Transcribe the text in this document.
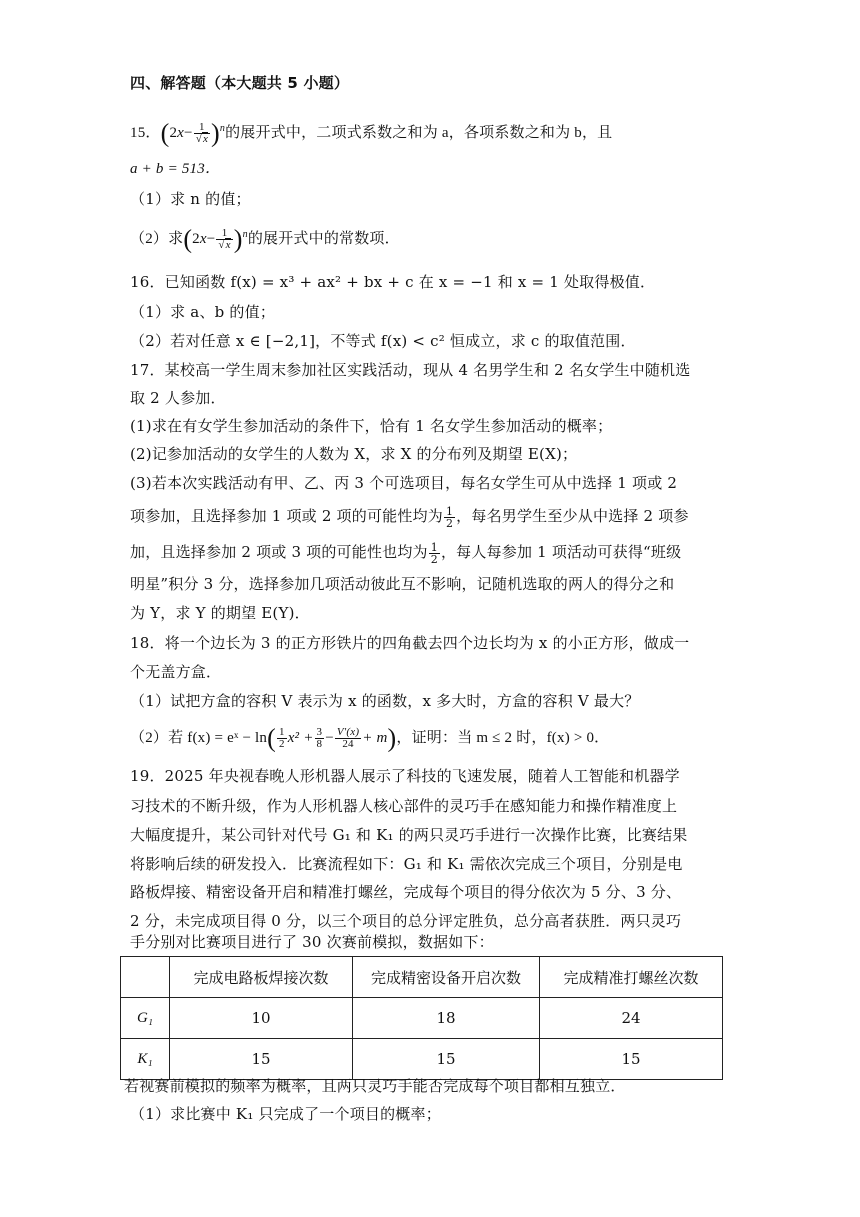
四、解答题（本大题共 5 小题）
15．$(2x- \frac{1}{√x} )^n$的展开式中，二项式系数之和为 a，各项系数之和为 b，且
a + b = 513．
（1）求 n 的值；
（2）求$(2x- \frac{1}{√x} )^n$的展开式中的常数项．
16．已知函数 f(x) = x³ + ax² + bx + c 在 x = −1 和 x = 1 处取得极值．
（1）求 a、b 的值；
（2）若对任意 x ∈ [−2,1]，不等式 f(x) < c² 恒成立，求 c 的取值范围．
17．某校高一学生周末参加社区实践活动，现从 4 名男学生和 2 名女学生中随机选
取 2 人参加．
(1)求在有女学生参加活动的条件下，恰有 1 名女学生参加活动的概率；
(2)记参加活动的女学生的人数为 X，求 X 的分布列及期望 E(X)；
(3)若本次实践活动有甲、乙、丙 3 个可选项目，每名女学生可从中选择 1 项或 2
项参加，且选择参加 1 项或 2 项的可能性均为 $\frac{1}{2}$ ，每名男学生至少从中选择 2 项参
加，且选择参加 2 项或 3 项的可能性也均为 $\frac{1}{2}$ ，每人每参加 1 项活动可获得“班级
明星”积分 3 分，选择参加几项活动彼此互不影响，记随机选取的两人的得分之和
为 Y，求 Y 的期望 E(Y)．
18．将一个边长为 3 的正方形铁片的四角截去四个边长均为 x 的小正方形，做成一
个无盖方盒．
（1）试把方盒的容积 V 表示为 x 的函数，x 多大时，方盒的容积 V 最大？
（2）若 f(x) = eˣ − $\ln( \frac{1}{2} x^2 + \frac{3}{8} - \frac{V'(x)}{24} + m)$，证明：当 m ≤ 2 时，f(x) > 0．
19．2025 年央视春晚人形机器人展示了科技的飞速发展，随着人工智能和机器学
习技术的不断升级，作为人形机器人核心部件的灵巧手在感知能力和操作精准度上
大幅度提升，某公司针对代号 G₁ 和 K₁ 的两只灵巧手进行一次操作比赛，比赛结果
将影响后续的研发投入．比赛流程如下：G₁ 和 K₁ 需依次完成三个项目，分别是电
路板焊接、精密设备开启和精准打螺丝，完成每个项目的得分依次为 5 分、3 分、
2 分，未完成项目得 0 分，以三个项目的总分评定胜负，总分高者获胜．两只灵巧
手分别对比赛项目进行了 30 次赛前模拟，数据如下：
	完成电路板焊接次数	完成精密设备开启次数	完成精准打螺丝次数
G₁	10	18	24
K₁	15	15	15
若视赛前模拟的频率为概率，且两只灵巧手能否完成每个项目都相互独立．
（1）求比赛中 K₁ 只完成了一个项目的概率；
